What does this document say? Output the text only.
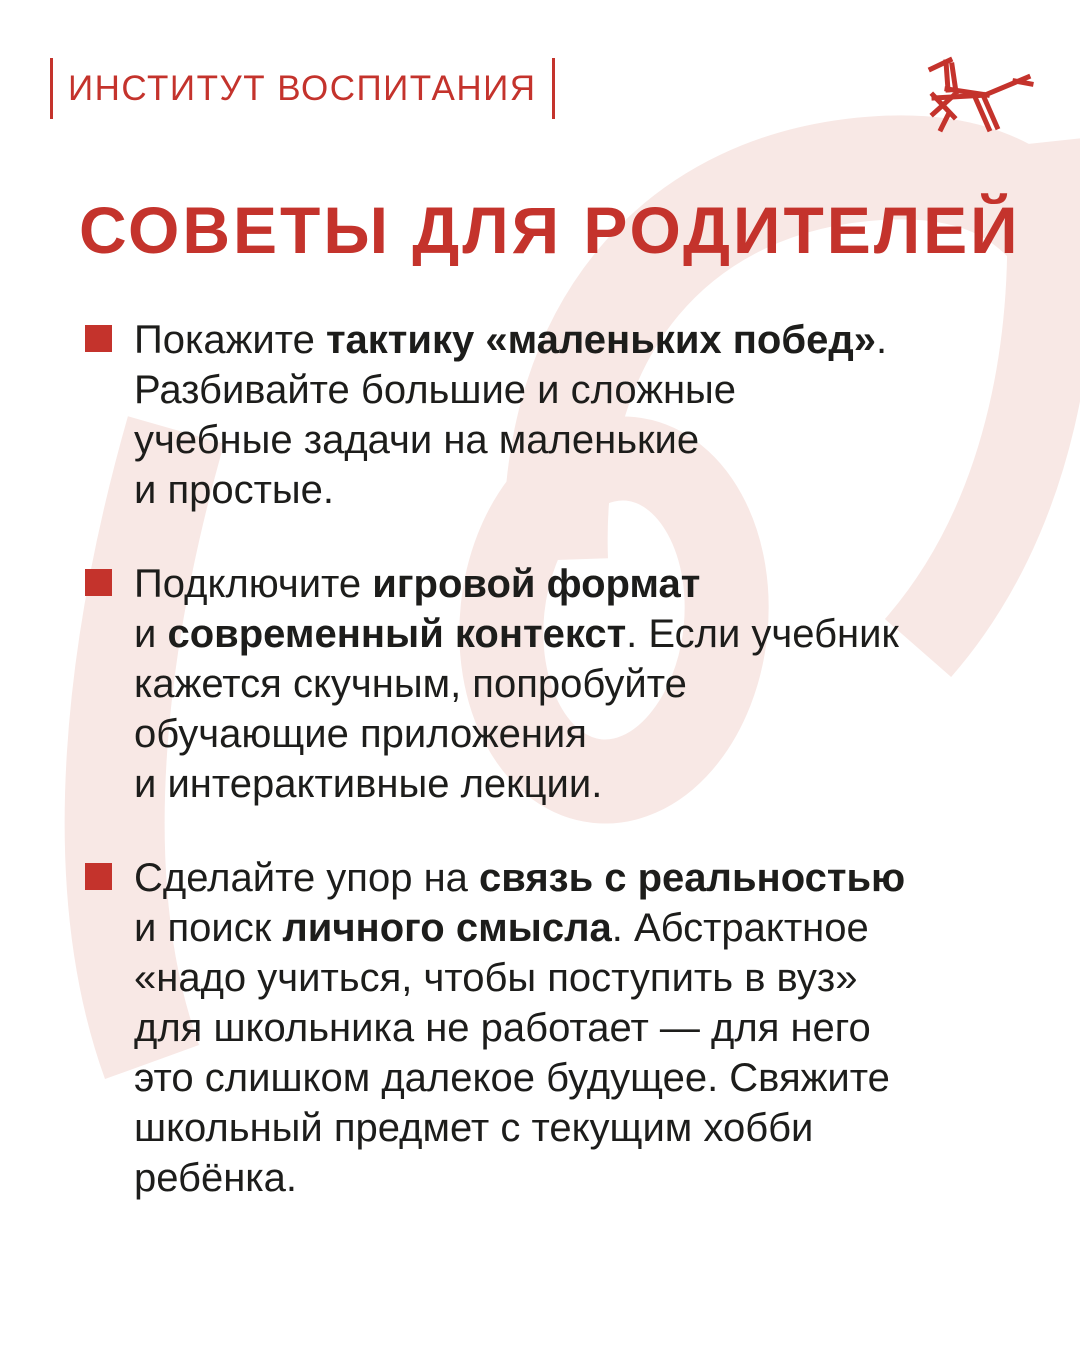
ИНСТИТУТ ВОСПИТАНИЯ
СОВЕТЫ ДЛЯ РОДИТЕЛЕЙ
Покажите тактику «маленьких побед».
Разбивайте большие и сложные
учебные задачи на маленькие
и простые.
Подключите игровой формат
и современный контекст. Если учебник
кажется скучным, попробуйте
обучающие приложения
и интерактивные лекции.
Сделайте упор на связь с реальностью
и поиск личного смысла. Абстрактное
«надо учиться, чтобы поступить в вуз»
для школьника не работает — для него
это слишком далекое будущее. Свяжите
школьный предмет с текущим хобби
ребёнка.
